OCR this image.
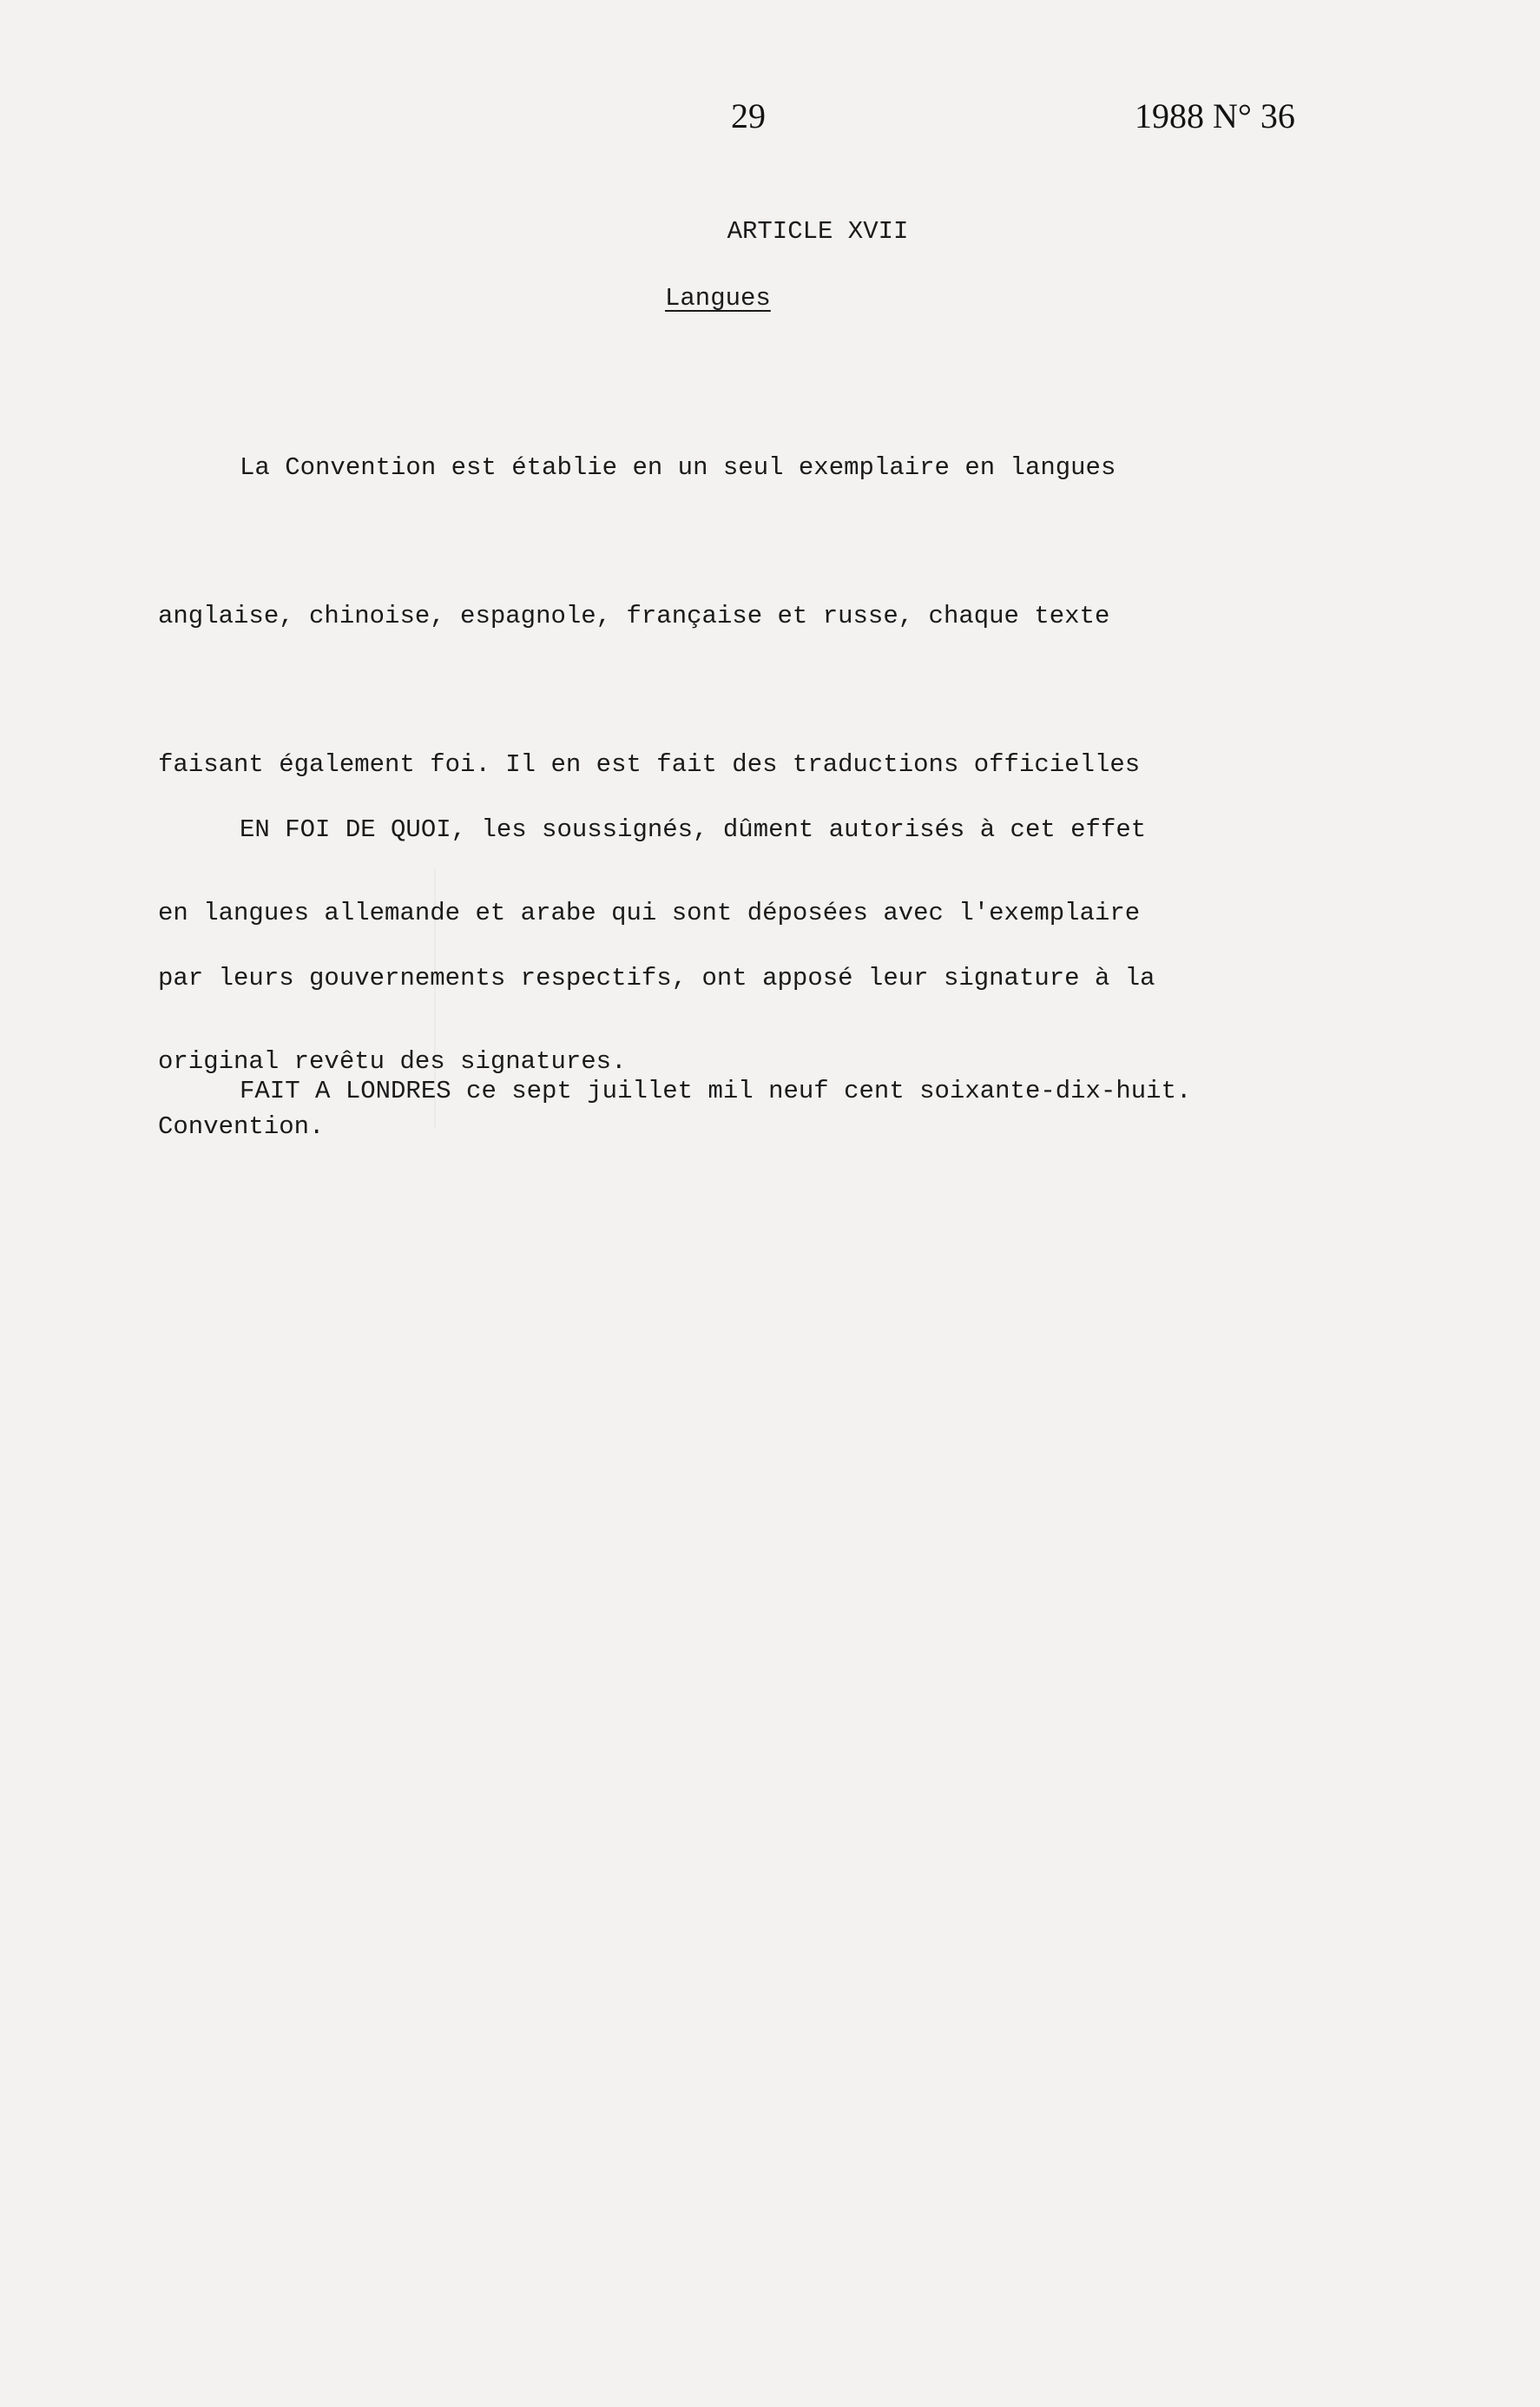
29	1988 N° 36
ARTICLE XVII
Langues

La Convention est établie en un seul exemplaire en langues

anglaise, chinoise, espagnole, française et russe, chaque texte

faisant également foi. Il en est fait des traductions officielles

en langues allemande et arabe qui sont déposées avec l'exemplaire

original revêtu des signatures.

EN FOI DE QUOI, les soussignés, dûment autorisés à cet effet

par leurs gouvernements respectifs, ont apposé leur signature à la

Convention.

FAIT A LONDRES ce sept juillet mil neuf cent soixante-dix-huit.
